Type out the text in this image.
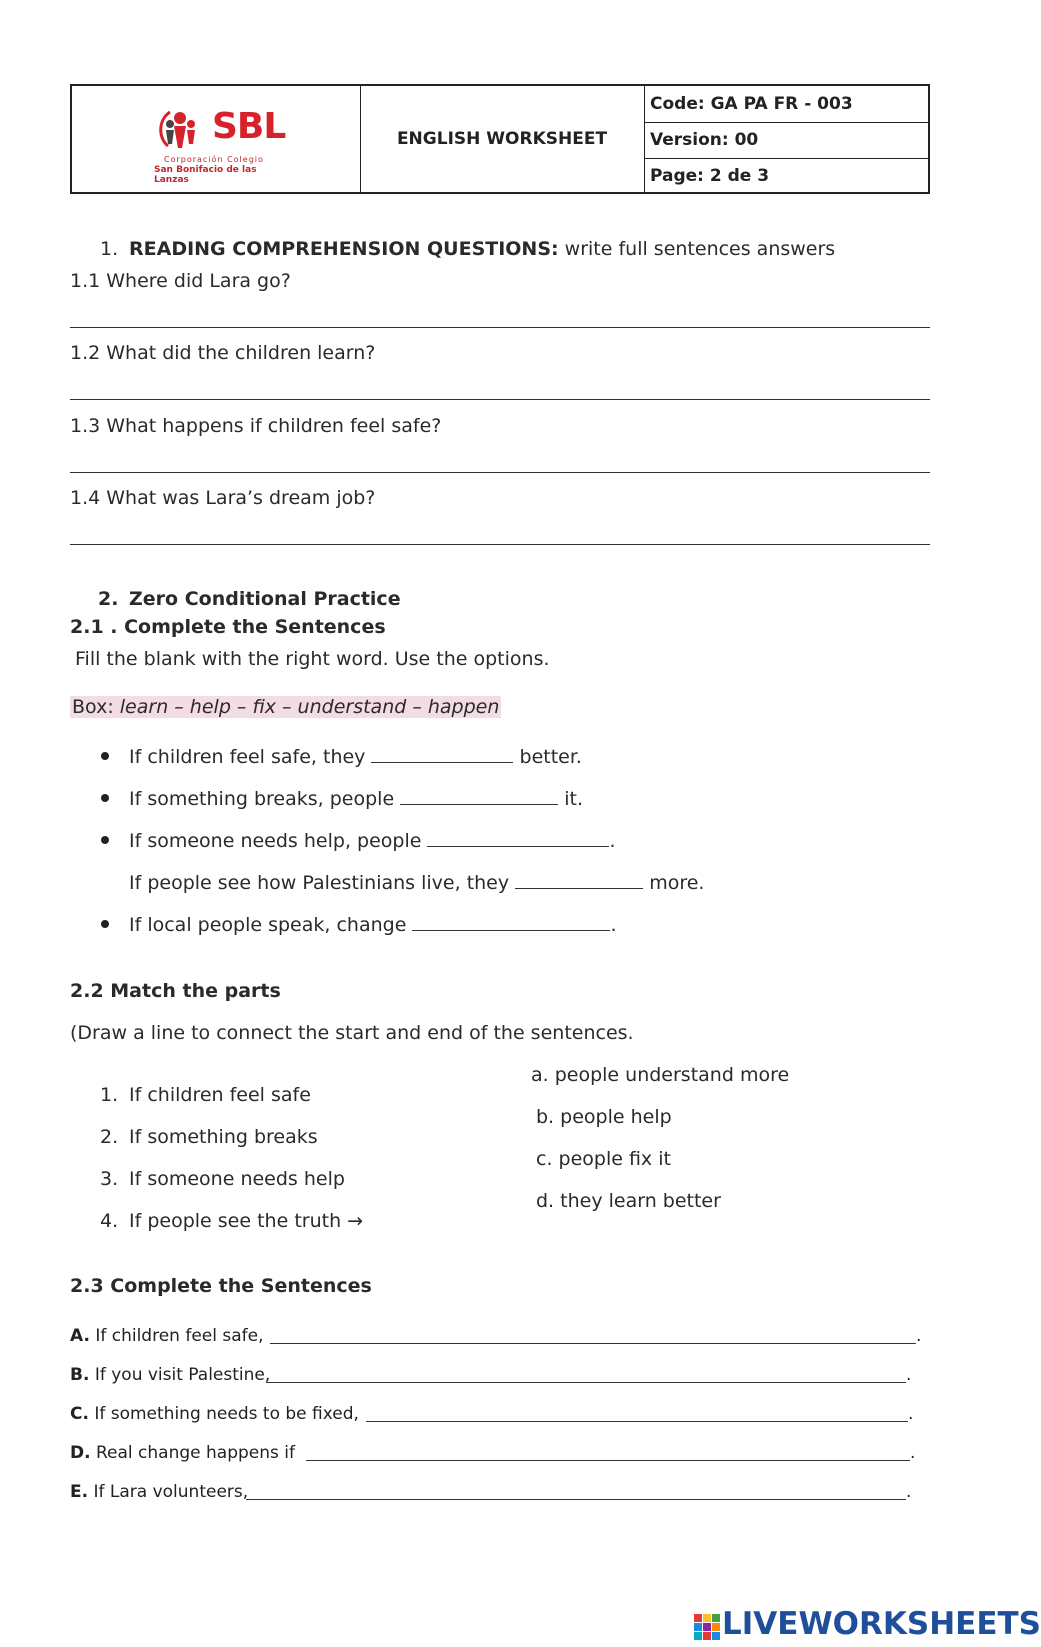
SBL
Corporación Colegio
San Bonifacio de las Lanzas
ENGLISH WORKSHEET
Code: GA PA FR - 003
Version: 00
Page: 2 de 3
1. READING COMPREHENSION QUESTIONS: write full sentences answers
1.1 Where did Lara go?
1.2 What did the children learn?
1.3 What happens if children feel safe?
1.4 What was Lara’s dream job?
2. Zero Conditional Practice
2.1 . Complete the Sentences
Fill the blank with the right word. Use the options.
Box: learn – help – fix – understand – happen
If children feel safe, they	better.
If something breaks, people	it.
If someone needs help, people	.
If people see how Palestinians live, they	more.
If local people speak, change	.
2.2 Match the parts
(Draw a line to connect the start and end of the sentences.
1. If children feel safe
2. If something breaks
3. If someone needs help
4. If people see the truth →
a. people understand more
b. people help
c. people fix it
d. they learn better
2.3 Complete the Sentences
A. If children feel safe,	.
B. If you visit Palestine,	.
C. If something needs to be fixed,	.
D. Real change happens if	.
E. If Lara volunteers,	.
LIVEWORKSHEETS
